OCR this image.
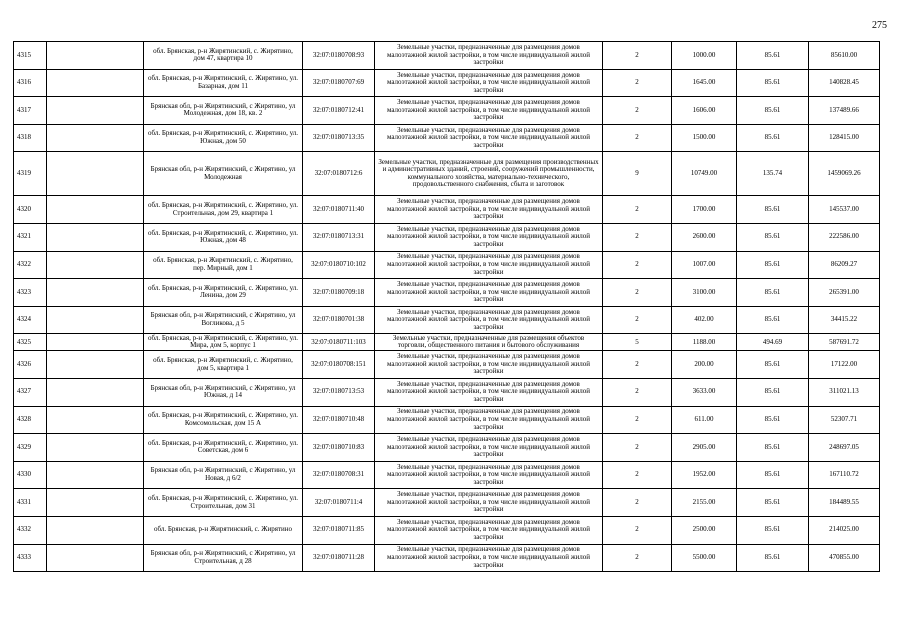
275
4315		обл. Брянская, р-н Жирятинский, с. Жирятино, дом 47, квартира 10	32:07:0180708:93	Земельные участки, предназначенные для размещения домов малоэтажной жилой застройки, в том числе индивидуальной жилой застройки	2	1000.00	85.61	85610.00
4316		обл. Брянская, р-н Жирятинский, с. Жирятино, ул. Базарная, дом 11	32:07:0180707:69	Земельные участки, предназначенные для размещения домов малоэтажной жилой застройки, в том числе индивидуальной жилой застройки	2	1645.00	85.61	140828.45
4317		Брянская обл, р-н Жирятинский, с Жирятино, ул Молодежная, дом 18, кв. 2	32:07:0180712:41	Земельные участки, предназначенные для размещения домов малоэтажной жилой застройки, в том числе индивидуальной жилой застройки	2	1606.00	85.61	137489.66
4318		обл. Брянская, р-н Жирятинский, с. Жирятино, ул. Южная, дом 50	32:07:0180713:35	Земельные участки, предназначенные для размещения домов малоэтажной жилой застройки, в том числе индивидуальной жилой застройки	2	1500.00	85.61	128415.00
4319		Брянская обл, р-н Жирятинский, с Жирятино, ул Молодежная	32:07:0180712:6	Земельные участки, предназначенные для размещения производственных и административных зданий, строений, сооружений промышленности, коммунального хозяйства, материально-технического, продовольственного снабжения, сбыта и заготовок	9	10749.00	135.74	1459069.26
4320		обл. Брянская, р-н Жирятинский, с. Жирятино, ул. Строительная, дом 29, квартира 1	32:07:0180711:40	Земельные участки, предназначенные для размещения домов малоэтажной жилой застройки, в том числе индивидуальной жилой застройки	2	1700.00	85.61	145537.00
4321		обл. Брянская, р-н Жирятинский, с. Жирятино, ул. Южная, дом 48	32:07:0180713:31	Земельные участки, предназначенные для размещения домов малоэтажной жилой застройки, в том числе индивидуальной жилой застройки	2	2600.00	85.61	222586.00
4322		обл. Брянская, р-н Жирятинский, с. Жирятино, пер. Мирный, дом 1	32:07:0180710:102	Земельные участки, предназначенные для размещения домов малоэтажной жилой застройки, в том числе индивидуальной жилой застройки	2	1007.00	85.61	86209.27
4323		обл. Брянская, р-н Жирятинский, с. Жирятино, ул. Ленина, дом 29	32:07:0180709:18	Земельные участки, предназначенные для размещения домов малоэтажной жилой застройки, в том числе индивидуальной жилой застройки	2	3100.00	85.61	265391.00
4324		Брянская обл, р-н Жирятинский, с Жирятино, ул Вогликова, д 5	32:07:0180701:38	Земельные участки, предназначенные для размещения домов малоэтажной жилой застройки, в том числе индивидуальной жилой застройки	2	402.00	85.61	34415.22
4325		обл. Брянская, р-н Жирятинский, с. Жирятино, ул. Мира, дом 5, корпус 1	32:07:0180711:103	Земельные участки, предназначенные для размещения объектов торговли, общественного питания и бытового обслуживания	5	1188.00	494.69	587691.72
4326		обл. Брянская, р-н Жирятинский, с. Жирятино, дом 5, квартира 1	32:07:0180708:151	Земельные участки, предназначенные для размещения домов малоэтажной жилой застройки, в том числе индивидуальной жилой застройки	2	200.00	85.61	17122.00
4327		Брянская обл, р-н Жирятинский, с Жирятино, ул Южная, д 14	32:07:0180713:53	Земельные участки, предназначенные для размещения домов малоэтажной жилой застройки, в том числе индивидуальной жилой застройки	2	3633.00	85.61	311021.13
4328		обл. Брянская, р-н Жирятинский, с. Жирятино, ул. Комсомольская, дом 15 А	32:07:0180710:48	Земельные участки, предназначенные для размещения домов малоэтажной жилой застройки, в том числе индивидуальной жилой застройки	2	611.00	85.61	52307.71
4329		обл. Брянская, р-н Жирятинский, с. Жирятино, ул. Советская, дом 6	32:07:0180710:83	Земельные участки, предназначенные для размещения домов малоэтажной жилой застройки, в том числе индивидуальной жилой застройки	2	2905.00	85.61	248697.05
4330		Брянская обл, р-н Жирятинский, с Жирятино, ул Новая, д 6/2	32:07:0180708:31	Земельные участки, предназначенные для размещения домов малоэтажной жилой застройки, в том числе индивидуальной жилой застройки	2	1952.00	85.61	167110.72
4331		обл. Брянская, р-н Жирятинский, с. Жирятино, ул. Строительная, дом 31	32:07:0180711:4	Земельные участки, предназначенные для размещения домов малоэтажной жилой застройки, в том числе индивидуальной жилой застройки	2	2155.00	85.61	184489.55
4332		обл. Брянская, р-н Жирятинский, с. Жирятино	32:07:0180711:85	Земельные участки, предназначенные для размещения домов малоэтажной жилой застройки, в том числе индивидуальной жилой застройки	2	2500.00	85.61	214025.00
4333		Брянская обл, р-н Жирятинский, с Жирятино, ул Строительная, д 28	32:07:0180711:28	Земельные участки, предназначенные для размещения домов малоэтажной жилой застройки, в том числе индивидуальной жилой застройки	2	5500.00	85.61	470855.00
